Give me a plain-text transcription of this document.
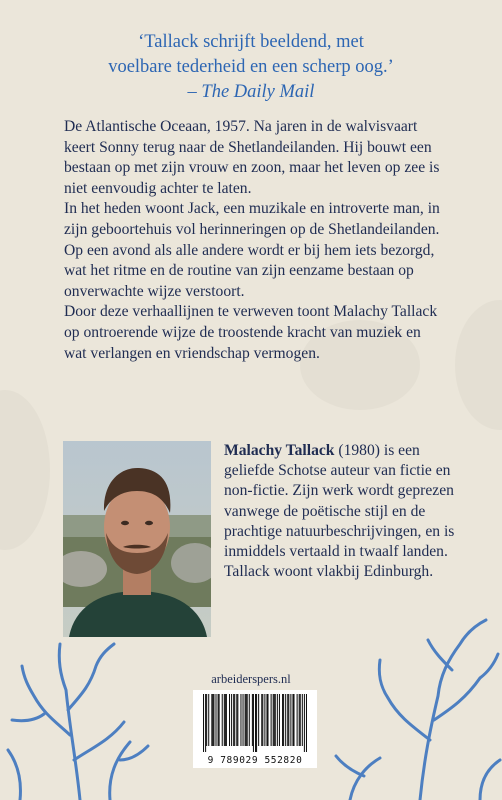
‘Tallack schrijft beeldend, met
voelbare tederheid en een scherp oog.’
– The Daily Mail

De Atlantische Oceaan, 1957. Na jaren in de walvisvaart keert Sonny terug naar de Shetlandeilanden. Hij bouwt een bestaan op met zijn vrouw en zoon, maar het leven op zee is niet eenvoudig achter te laten.

In het heden woont Jack, een muzikale en introverte man, in zijn geboortehuis vol herinneringen op de Shetlandeilanden. Op een avond als alle andere wordt er bij hem iets bezorgd, wat het ritme en de routine van zijn eenzame bestaan op onverwachte wijze verstoort.

Door deze verhaallijnen te verweven toont Malachy Tallack op ontroerende wijze de troostende kracht van muziek en wat verlangen en vriendschap vermogen.

Malachy Tallack (1980) is een geliefde Schotse auteur van fictie en non-fictie. Zijn werk wordt geprezen vanwege de poëtische stijl en de prachtige natuurbeschrijvingen, en is inmiddels vertaald in twaalf landen. Tallack woont vlakbij Edinburgh.
arbeiderspers.nl
9 789029 552820
